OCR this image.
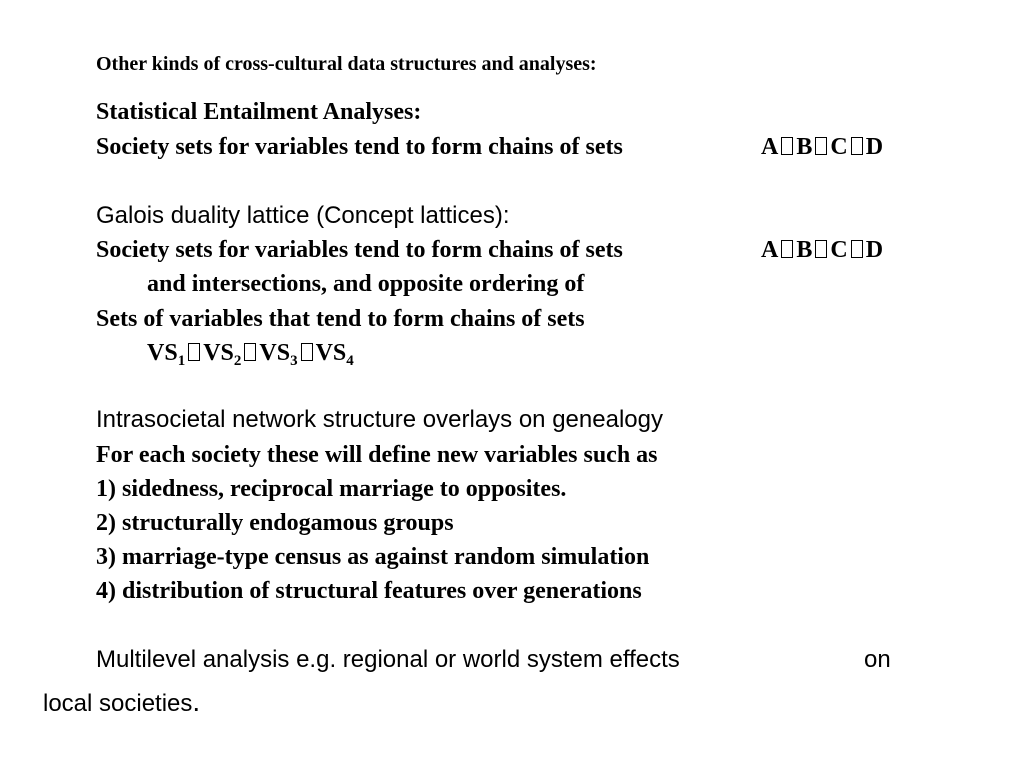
Other kinds of cross-cultural data structures and analyses:
Statistical Entailment Analyses:
Society sets for variables tend to form chains of sets	A B C D
Galois duality lattice (Concept lattices):
Society sets for variables tend to form chains of sets	A B C D
and intersections, and opposite ordering of
Sets of variables that tend to form chains of sets
$VS_1$ $VS_2$ $VS_3$ $VS_4$
Intrasocietal network structure overlays on genealogy
For each society these will define new variables such as
1) sidedness, reciprocal marriage to opposites.
2) structurally endogamous groups
3) marriage-type census as against random simulation
4) distribution of structural features over generations
Multilevel analysis e.g. regional or world system effects	on
local societies.
